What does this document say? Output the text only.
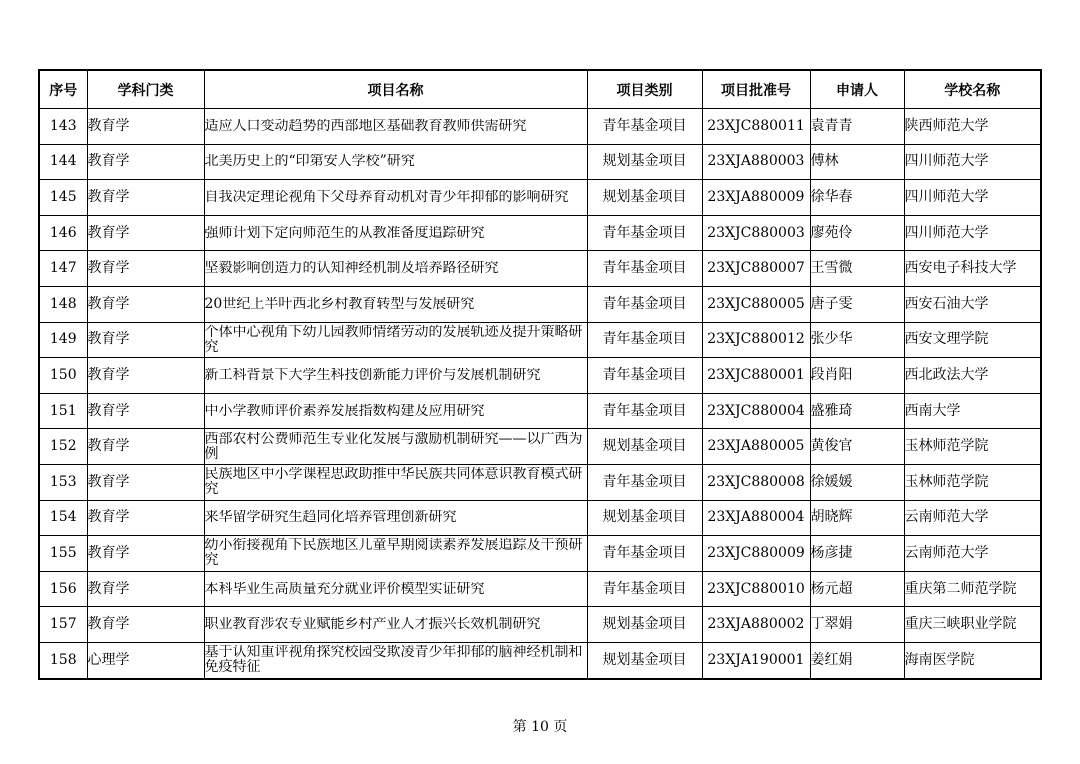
序号	学科门类	项目名称	项目类别	项目批准号	申请人	学校名称
143	教育学	适应人口变动趋势的西部地区基础教育教师供需研究	青年基金项目	23XJC880011	袁青青	陕西师范大学
144	教育学	北美历史上的“印第安人学校”研究	规划基金项目	23XJA880003	傅林	四川师范大学
145	教育学	自我决定理论视角下父母养育动机对青少年抑郁的影响研究	规划基金项目	23XJA880009	徐华春	四川师范大学
146	教育学	强师计划下定向师范生的从教准备度追踪研究	青年基金项目	23XJC880003	廖苑伶	四川师范大学
147	教育学	坚毅影响创造力的认知神经机制及培养路径研究	青年基金项目	23XJC880007	王雪微	西安电子科技大学
148	教育学	20世纪上半叶西北乡村教育转型与发展研究	青年基金项目	23XJC880005	唐子雯	西安石油大学
149	教育学	个体中心视角下幼儿园教师情绪劳动的发展轨迹及提升策略研究	青年基金项目	23XJC880012	张少华	西安文理学院
150	教育学	新工科背景下大学生科技创新能力评价与发展机制研究	青年基金项目	23XJC880001	段肖阳	西北政法大学
151	教育学	中小学教师评价素养发展指数构建及应用研究	青年基金项目	23XJC880004	盛雅琦	西南大学
152	教育学	西部农村公费师范生专业化发展与激励机制研究——以广西为例	规划基金项目	23XJA880005	黄俊官	玉林师范学院
153	教育学	民族地区中小学课程思政助推中华民族共同体意识教育模式研究	青年基金项目	23XJC880008	徐媛媛	玉林师范学院
154	教育学	来华留学研究生趋同化培养管理创新研究	规划基金项目	23XJA880004	胡晓辉	云南师范大学
155	教育学	幼小衔接视角下民族地区儿童早期阅读素养发展追踪及干预研究	青年基金项目	23XJC880009	杨彦捷	云南师范大学
156	教育学	本科毕业生高质量充分就业评价模型实证研究	青年基金项目	23XJC880010	杨元超	重庆第二师范学院
157	教育学	职业教育涉农专业赋能乡村产业人才振兴长效机制研究	规划基金项目	23XJA880002	丁翠娟	重庆三峡职业学院
158	心理学	基于认知重评视角探究校园受欺凌青少年抑郁的脑神经机制和免疫特征	规划基金项目	23XJA190001	姜红娟	海南医学院
第 10 页
